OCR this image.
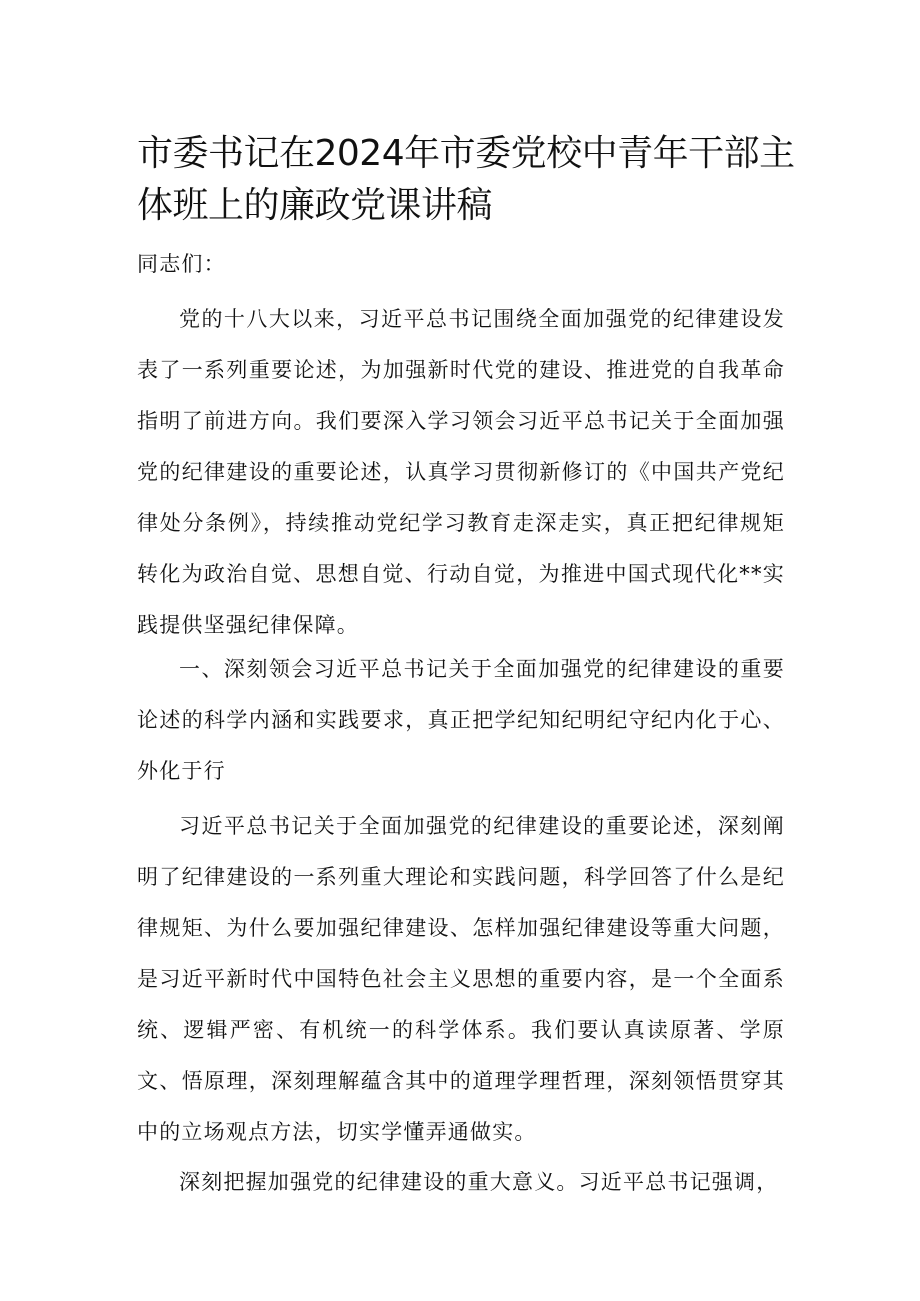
市委书记在2024年市委党校中青年干部主体班上的廉政党课讲稿

同志们：

党的十八大以来，习近平总书记围绕全面加强党的纪律建设发表了一系列重要论述，为加强新时代党的建设、推进党的自我革命指明了前进方向。我们要深入学习领会习近平总书记关于全面加强党的纪律建设的重要论述，认真学习贯彻新修订的《中国共产党纪律处分条例》，持续推动党纪学习教育走深走实，真正把纪律规矩转化为政治自觉、思想自觉、行动自觉，为推进中国式现代化**实践提供坚强纪律保障。

一、深刻领会习近平总书记关于全面加强党的纪律建设的重要论述的科学内涵和实践要求，真正把学纪知纪明纪守纪内化于心、外化于行

习近平总书记关于全面加强党的纪律建设的重要论述，深刻阐明了纪律建设的一系列重大理论和实践问题，科学回答了什么是纪律规矩、为什么要加强纪律建设、怎样加强纪律建设等重大问题，是习近平新时代中国特色社会主义思想的重要内容，是一个全面系统、逻辑严密、有机统一的科学体系。我们要认真读原著、学原文、悟原理，深刻理解蕴含其中的道理学理哲理，深刻领悟贯穿其中的立场观点方法，切实学懂弄通做实。

深刻把握加强党的纪律建设的重大意义。习近平总书记强调，
